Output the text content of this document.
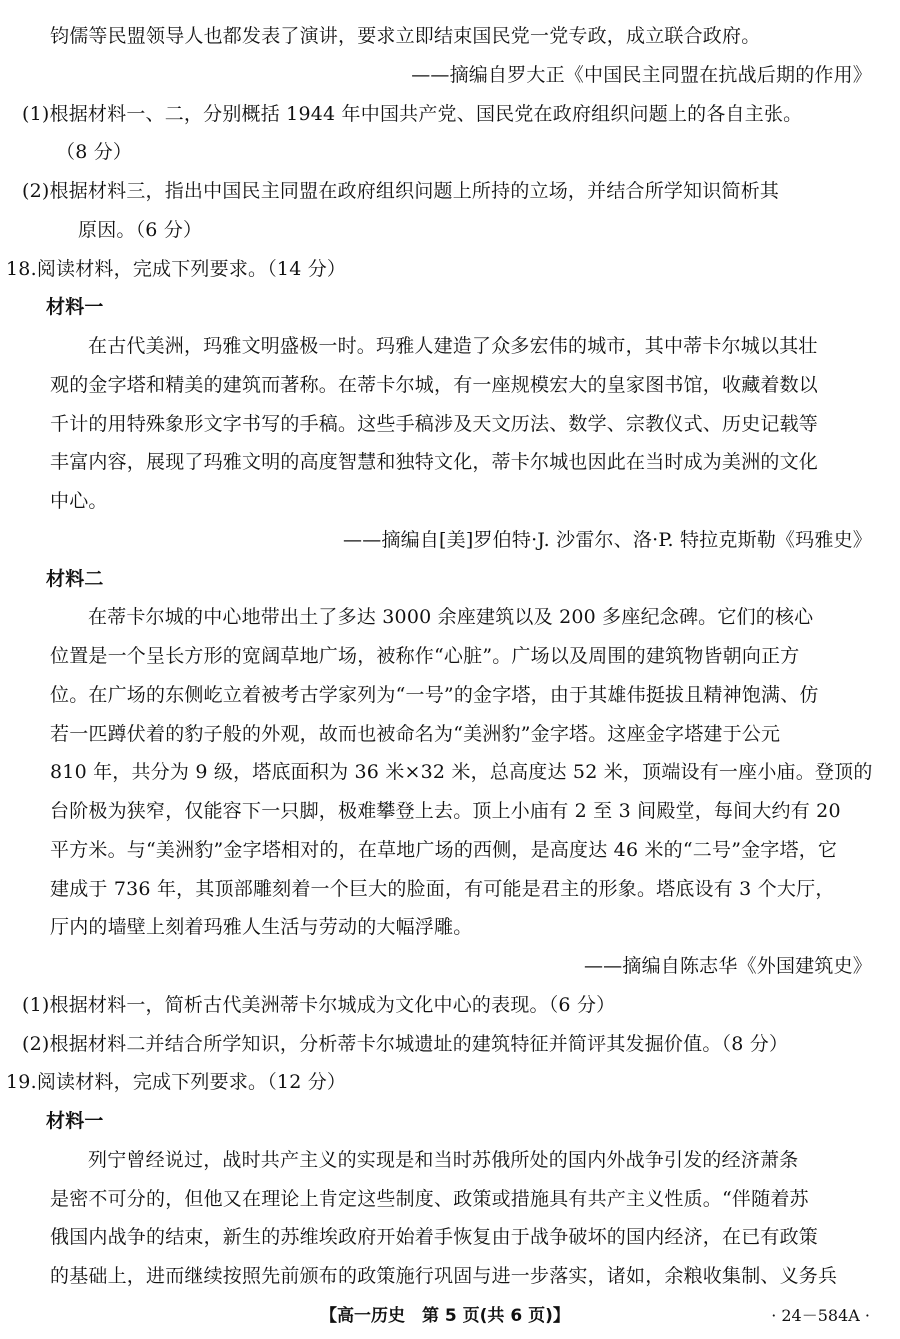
钧儒等民盟领导人也都发表了演讲，要求立即结束国民党一党专政，成立联合政府。
——摘编自罗大正《中国民主同盟在抗战后期的作用》
(1)根据材料一、二，分别概括 1944 年中国共产党、国民党在政府组织问题上的各自主张。
（8 分）
(2)根据材料三，指出中国民主同盟在政府组织问题上所持的立场，并结合所学知识简析其
原因。（6 分）
18.阅读材料，完成下列要求。（14 分）
材料一
在古代美洲，玛雅文明盛极一时。玛雅人建造了众多宏伟的城市，其中蒂卡尔城以其壮
观的金字塔和精美的建筑而著称。在蒂卡尔城，有一座规模宏大的皇家图书馆，收藏着数以
千计的用特殊象形文字书写的手稿。这些手稿涉及天文历法、数学、宗教仪式、历史记载等
丰富内容，展现了玛雅文明的高度智慧和独特文化，蒂卡尔城也因此在当时成为美洲的文化
中心。
——摘编自[美]罗伯特·J. 沙雷尔、洛·P. 特拉克斯勒《玛雅史》
材料二
在蒂卡尔城的中心地带出土了多达 3000 余座建筑以及 200 多座纪念碑。它们的核心
位置是一个呈长方形的宽阔草地广场，被称作“心脏”。广场以及周围的建筑物皆朝向正方
位。在广场的东侧屹立着被考古学家列为“一号”的金字塔，由于其雄伟挺拔且精神饱满、仿
若一匹蹲伏着的豹子般的外观，故而也被命名为“美洲豹”金字塔。这座金字塔建于公元
810 年，共分为 9 级，塔底面积为 36 米×32 米，总高度达 52 米，顶端设有一座小庙。登顶的
台阶极为狭窄，仅能容下一只脚，极难攀登上去。顶上小庙有 2 至 3 间殿堂，每间大约有 20
平方米。与“美洲豹”金字塔相对的，在草地广场的西侧，是高度达 46 米的“二号”金字塔，它
建成于 736 年，其顶部雕刻着一个巨大的脸面，有可能是君主的形象。塔底设有 3 个大厅，
厅内的墙壁上刻着玛雅人生活与劳动的大幅浮雕。
——摘编自陈志华《外国建筑史》
(1)根据材料一，简析古代美洲蒂卡尔城成为文化中心的表现。（6 分）
(2)根据材料二并结合所学知识，分析蒂卡尔城遗址的建筑特征并简评其发掘价值。（8 分）
19.阅读材料，完成下列要求。（12 分）
材料一
列宁曾经说过，战时共产主义的实现是和当时苏俄所处的国内外战争引发的经济萧条
是密不可分的，但他又在理论上肯定这些制度、政策或措施具有共产主义性质。“伴随着苏
俄国内战争的结束，新生的苏维埃政府开始着手恢复由于战争破坏的国内经济，在已有政策
【高一历史　第 5 页(共 6 页)】	· 24－584A ·
的基础上，进而继续按照先前颁布的政策施行巩固与进一步落实，诸如，余粮收集制、义务兵
